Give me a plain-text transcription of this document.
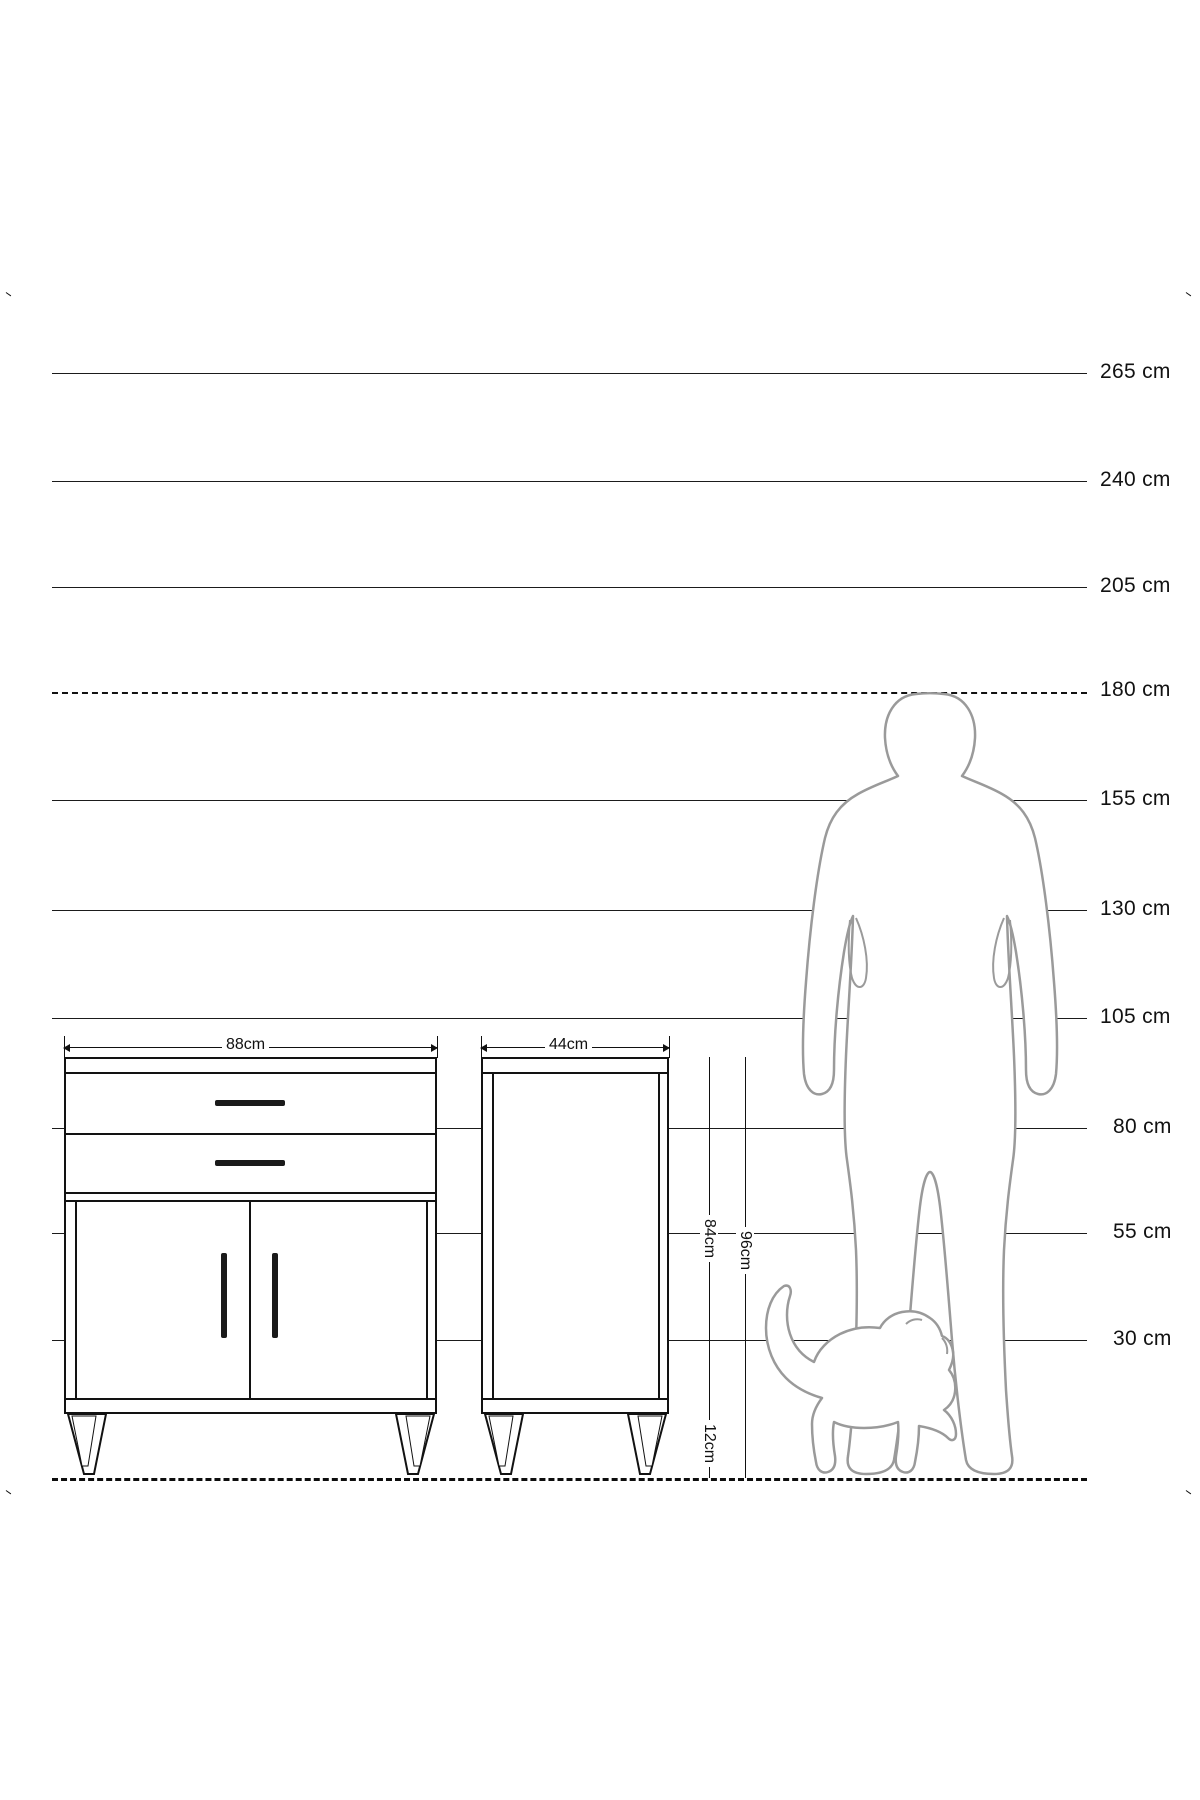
265 cm
240 cm
205 cm
180 cm
155 cm
130 cm
105 cm
80 cm
55 cm
30 cm
88cm	44cm
84cm 96cm
12cm
